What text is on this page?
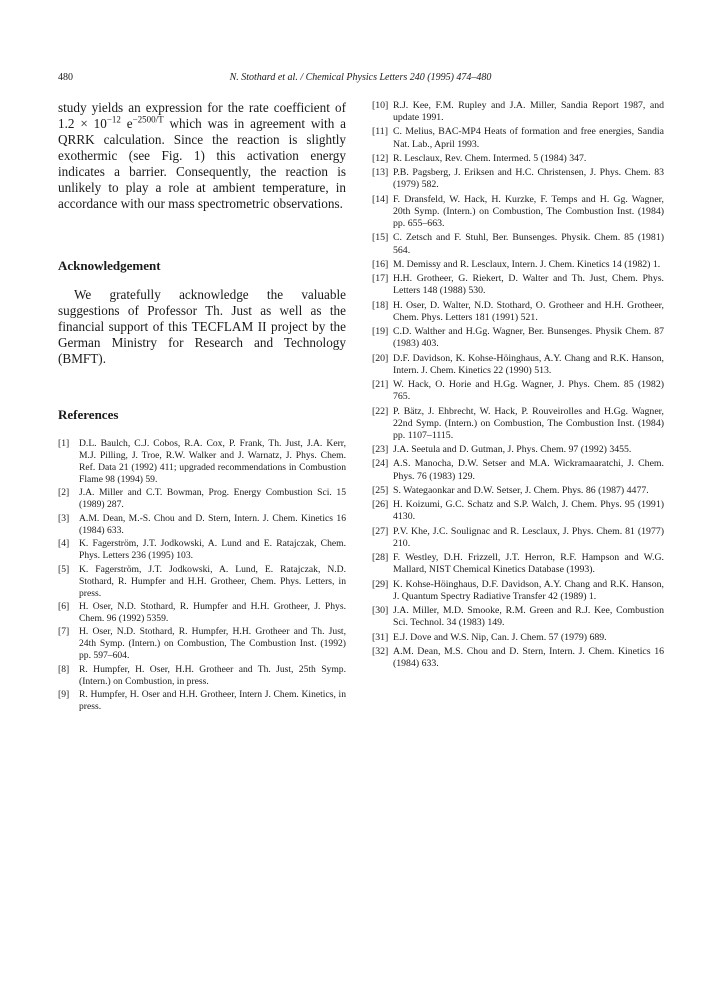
480	N. Stothard et al. / Chemical Physics Letters 240 (1995) 474–480

study yields an expression for the rate coefficient of $1.2 \times 10^{-12}$ $e^{-2500/T}$ which was in agreement with a QRRK calculation. Since the reaction is slightly exothermic (see Fig. 1) this activation energy indicates a barrier. Consequently, the reaction is unlikely to play a role at ambient temperature, in accordance with our mass spectrometric observations.

Acknowledgement

We gratefully acknowledge the valuable suggestions of Professor Th. Just as well as the financial support of this TECFLAM II project by the German Ministry for Research and Technology (BMFT).

References
[1] D.L. Baulch, C.J. Cobos, R.A. Cox, P. Frank, Th. Just, J.A. Kerr, M.J. Pilling, J. Troe, R.W. Walker and J. Warnatz, J. Phys. Chem. Ref. Data 21 (1992) 411; upgraded recommendations in Combustion Flame 98 (1994) 59.
[2] J.A. Miller and C.T. Bowman, Prog. Energy Combustion Sci. 15 (1989) 287.
[3] A.M. Dean, M.-S. Chou and D. Stern, Intern. J. Chem. Kinetics 16 (1984) 633.
[4] K. Fagerström, J.T. Jodkowski, A. Lund and E. Ratajczak, Chem. Phys. Letters 236 (1995) 103.
[5] K. Fagerström, J.T. Jodkowski, A. Lund, E. Ratajczak, N.D. Stothard, R. Humpfer and H.H. Grotheer, Chem. Phys. Letters, in press.
[6] H. Oser, N.D. Stothard, R. Humpfer and H.H. Grotheer, J. Phys. Chem. 96 (1992) 5359.
[7] H. Oser, N.D. Stothard, R. Humpfer, H.H. Grotheer and Th. Just, 24th Symp. (Intern.) on Combustion, The Combustion Inst. (1992) pp. 597–604.
[8] R. Humpfer, H. Oser, H.H. Grotheer and Th. Just, 25th Symp. (Intern.) on Combustion, in press.
[9] R. Humpfer, H. Oser and H.H. Grotheer, Intern J. Chem. Kinetics, in press.
[10] R.J. Kee, F.M. Rupley and J.A. Miller, Sandia Report 1987, and update 1991.
[11] C. Melius, BAC-MP4 Heats of formation and free energies, Sandia Nat. Lab., April 1993.
[12] R. Lesclaux, Rev. Chem. Intermed. 5 (1984) 347.
[13] P.B. Pagsberg, J. Eriksen and H.C. Christensen, J. Phys. Chem. 83 (1979) 582.
[14] F. Dransfeld, W. Hack, H. Kurzke, F. Temps and H. Gg. Wagner, 20th Symp. (Intern.) on Combustion, The Combustion Inst. (1984) pp. 655–663.
[15] C. Zetsch and F. Stuhl, Ber. Bunsenges. Physik. Chem. 85 (1981) 564.
[16] M. Demissy and R. Lesclaux, Intern. J. Chem. Kinetics 14 (1982) 1.
[17] H.H. Grotheer, G. Riekert, D. Walter and Th. Just, Chem. Phys. Letters 148 (1988) 530.
[18] H. Oser, D. Walter, N.D. Stothard, O. Grotheer and H.H. Grotheer, Chem. Phys. Letters 181 (1991) 521.
[19] C.D. Walther and H.Gg. Wagner, Ber. Bunsenges. Physik Chem. 87 (1983) 403.
[20] D.F. Davidson, K. Kohse-Höinghaus, A.Y. Chang and R.K. Hanson, Intern. J. Chem. Kinetics 22 (1990) 513.
[21] W. Hack, O. Horie and H.Gg. Wagner, J. Phys. Chem. 85 (1982) 765.
[22] P. Bätz, J. Ehbrecht, W. Hack, P. Rouveirolles and H.Gg. Wagner, 22nd Symp. (Intern.) on Combustion, The Combustion Inst. (1984) pp. 1107–1115.
[23] J.A. Seetula and D. Gutman, J. Phys. Chem. 97 (1992) 3455.
[24] A.S. Manocha, D.W. Setser and M.A. Wickramaaratchi, J. Chem. Phys. 76 (1983) 129.
[25] S. Wategaonkar and D.W. Setser, J. Chem. Phys. 86 (1987) 4477.
[26] H. Koizumi, G.C. Schatz and S.P. Walch, J. Chem. Phys. 95 (1991) 4130.
[27] P.V. Khe, J.C. Soulignac and R. Lesclaux, J. Phys. Chem. 81 (1977) 210.
[28] F. Westley, D.H. Frizzell, J.T. Herron, R.F. Hampson and W.G. Mallard, NIST Chemical Kinetics Database (1993).
[29] K. Kohse-Höinghaus, D.F. Davidson, A.Y. Chang and R.K. Hanson, J. Quantum Spectry Radiative Transfer 42 (1989) 1.
[30] J.A. Miller, M.D. Smooke, R.M. Green and R.J. Kee, Combustion Sci. Technol. 34 (1983) 149.
[31] E.J. Dove and W.S. Nip, Can. J. Chem. 57 (1979) 689.
[32] A.M. Dean, M.S. Chou and D. Stern, Intern. J. Chem. Kinetics 16 (1984) 633.
